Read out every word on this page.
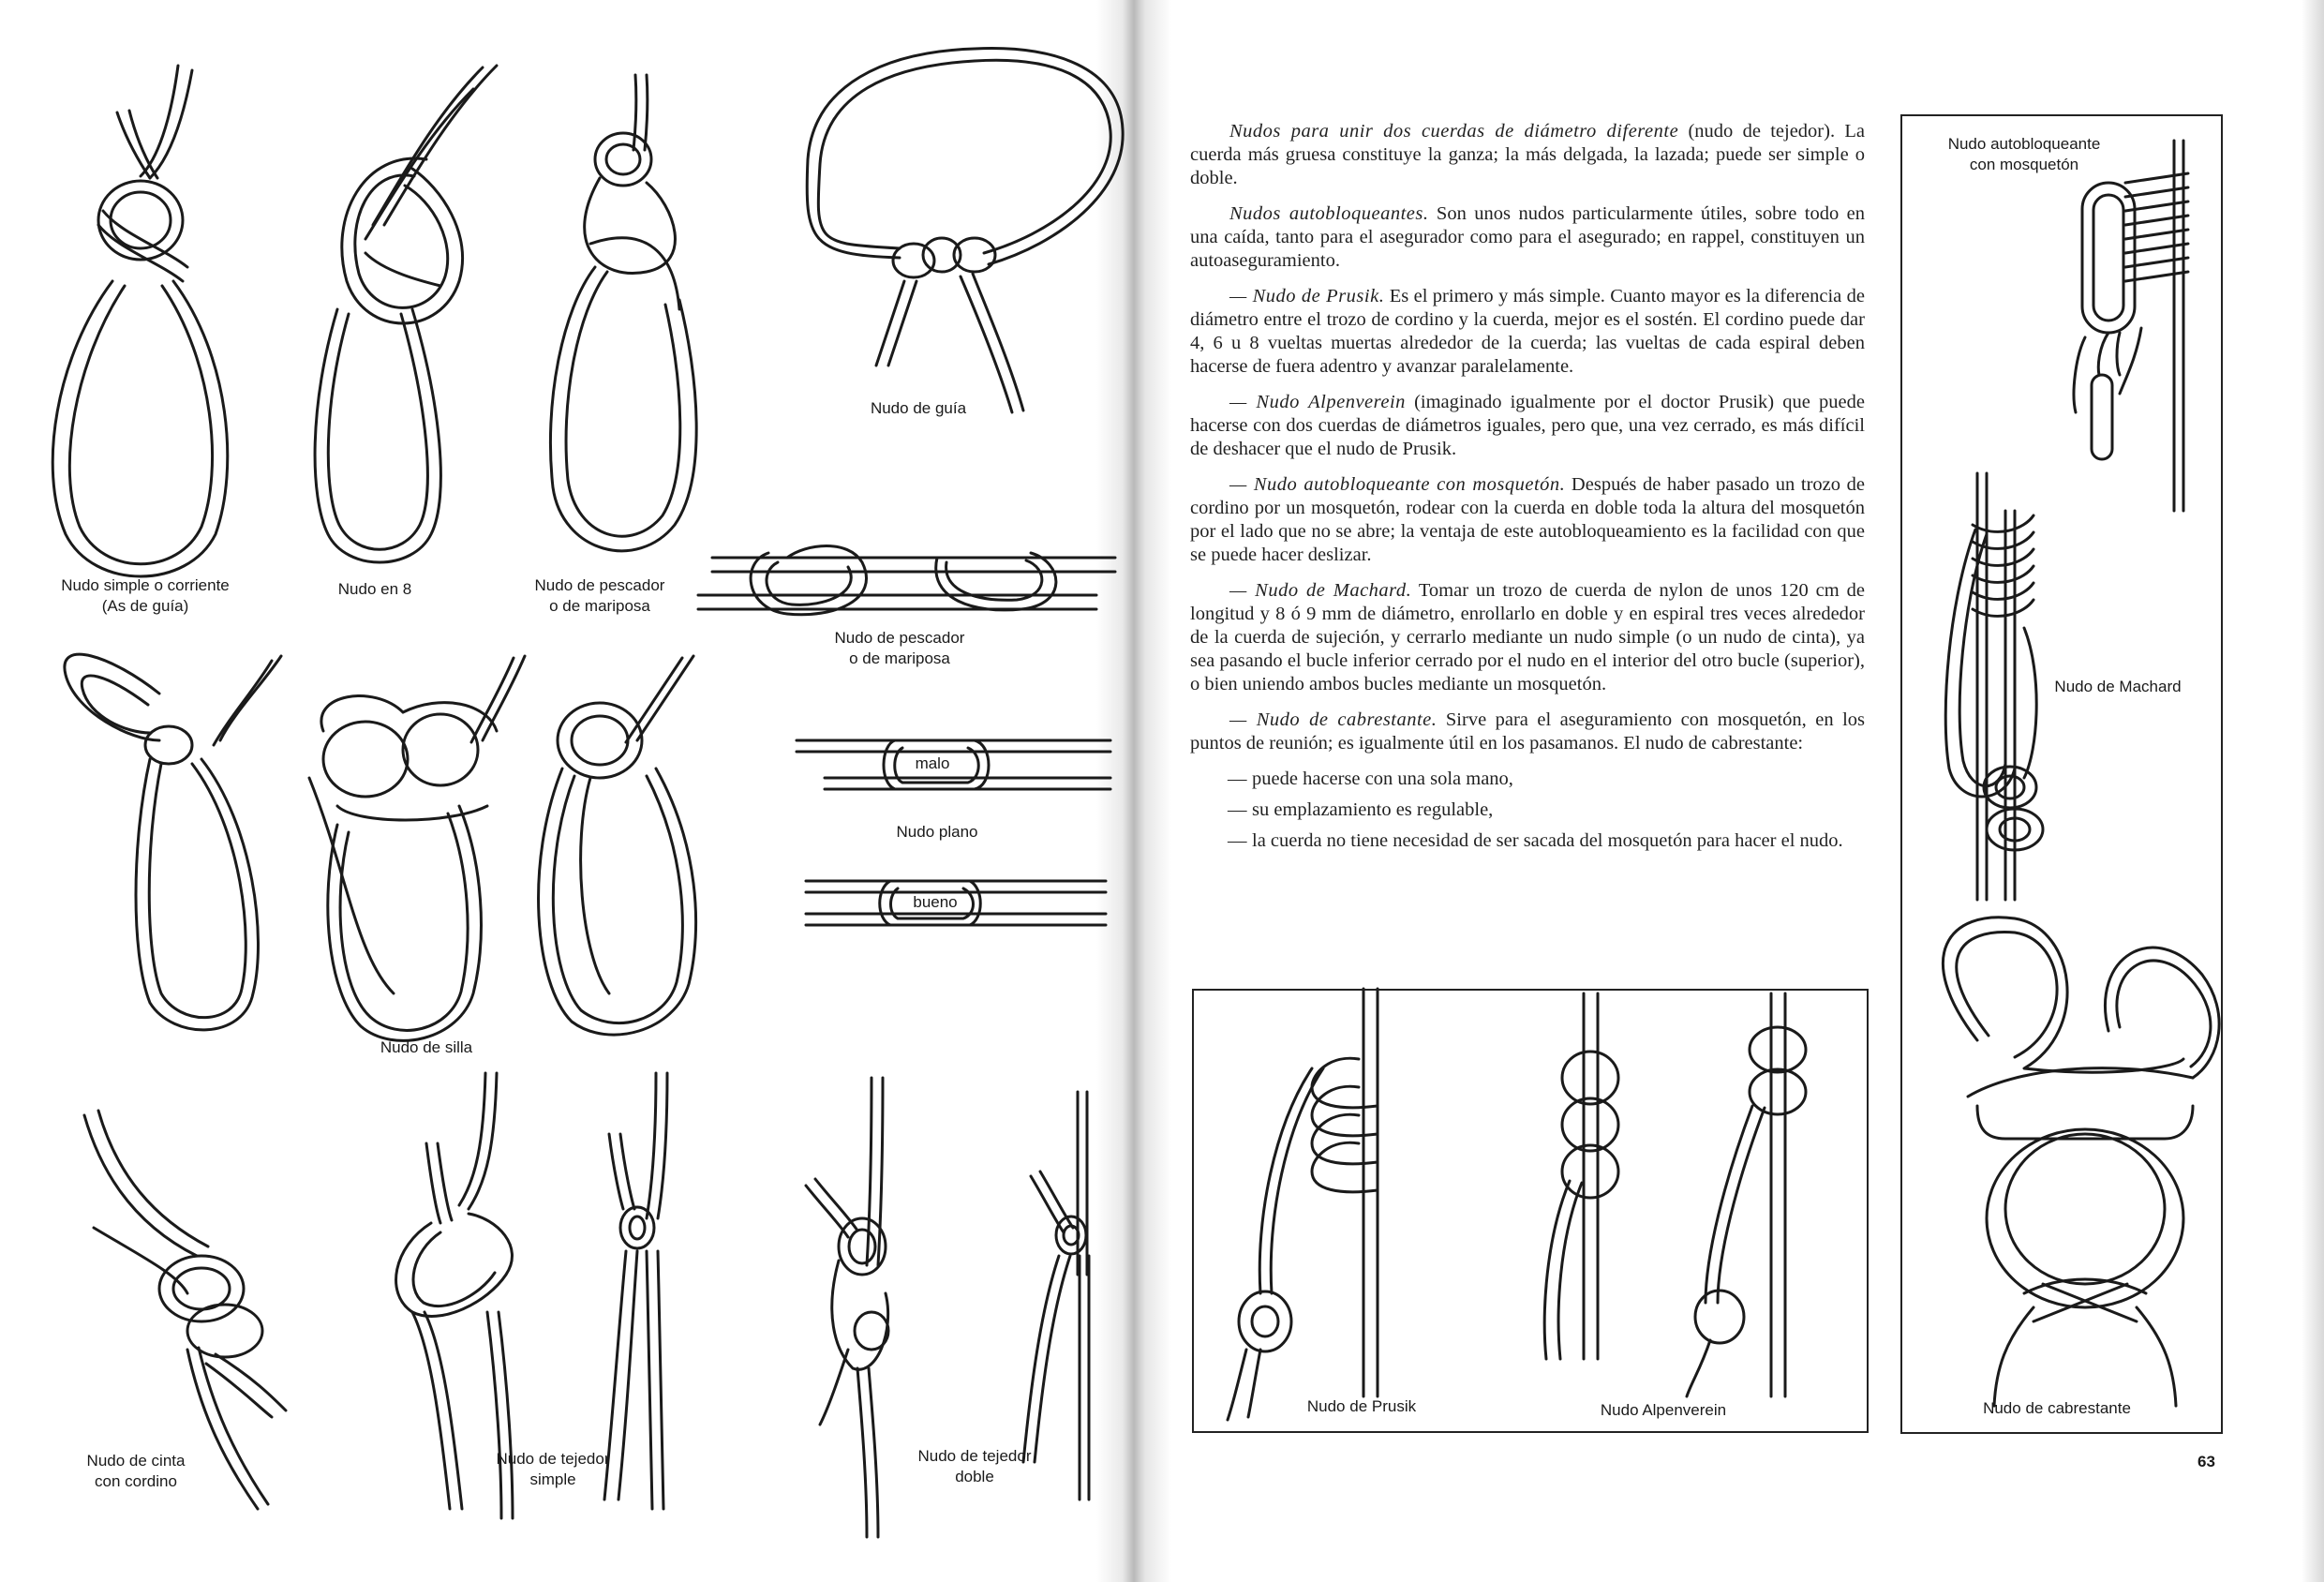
Nudo simple o corriente
(As de guía)
Nudo en 8	Nudo de pescador
o de mariposa
Nudo de guía
Nudo de pescador
o de mariposa
malo
Nudo plano
bueno
Nudo de silla
Nudo de cinta
con cordino
Nudo de tejedor
simple
Nudo de tejedor
doble

Nudos para unir dos cuerdas de diámetro diferente (nudo de tejedor). La cuerda más gruesa constituye la ganza; la más delgada, la lazada; puede ser simple o doble.

Nudos autobloqueantes. Son unos nudos particularmente útiles, sobre todo en una caída, tanto para el asegurador como para el asegurado; en rappel, constituyen un autoaseguramiento.

— Nudo de Prusik. Es el primero y más simple. Cuanto mayor es la diferencia de diámetro entre el trozo de cordino y la cuerda, mejor es el sostén. El cordino puede dar 4, 6 u 8 vueltas muertas alrededor de la cuerda; las vueltas de cada espiral deben hacerse de fuera adentro y avanzar paralelamente.

— Nudo Alpenverein (imaginado igualmente por el doctor Prusik) que puede hacerse con dos cuerdas de diámetros iguales, pero que, una vez cerrado, es más difícil de deshacer que el nudo de Prusik.

— Nudo autobloqueante con mosquetón. Después de haber pasado un trozo de cordino por un mosquetón, rodear con la cuerda en doble toda la altura del mosquetón por el lado que no se abre; la ventaja de este autobloqueamiento es la facilidad con que se puede hacer deslizar.

— Nudo de Machard. Tomar un trozo de cuerda de nylon de unos 120 cm de longitud y 8 ó 9 mm de diámetro, enrollarlo en doble y en espiral tres veces alrededor de la cuerda de sujeción, y cerrarlo mediante un nudo simple (o un nudo de cinta), ya sea pasando el bucle inferior cerrado por el nudo en el interior del otro bucle (superior), o bien uniendo ambos bucles mediante un mosquetón.

— Nudo de cabrestante. Sirve para el aseguramiento con mosquetón, en los puntos de reunión; es igualmente útil en los pasamanos. El nudo de cabrestante:

— puede hacerse con una sola mano,

— su emplazamiento es regulable,

— la cuerda no tiene necesidad de ser sacada del mosquetón para hacer el nudo.

Nudo autobloqueante
con mosquetón
Nudo de Machard
Nudo de Prusik	Nudo Alpenverein	Nudo de cabrestante
63
